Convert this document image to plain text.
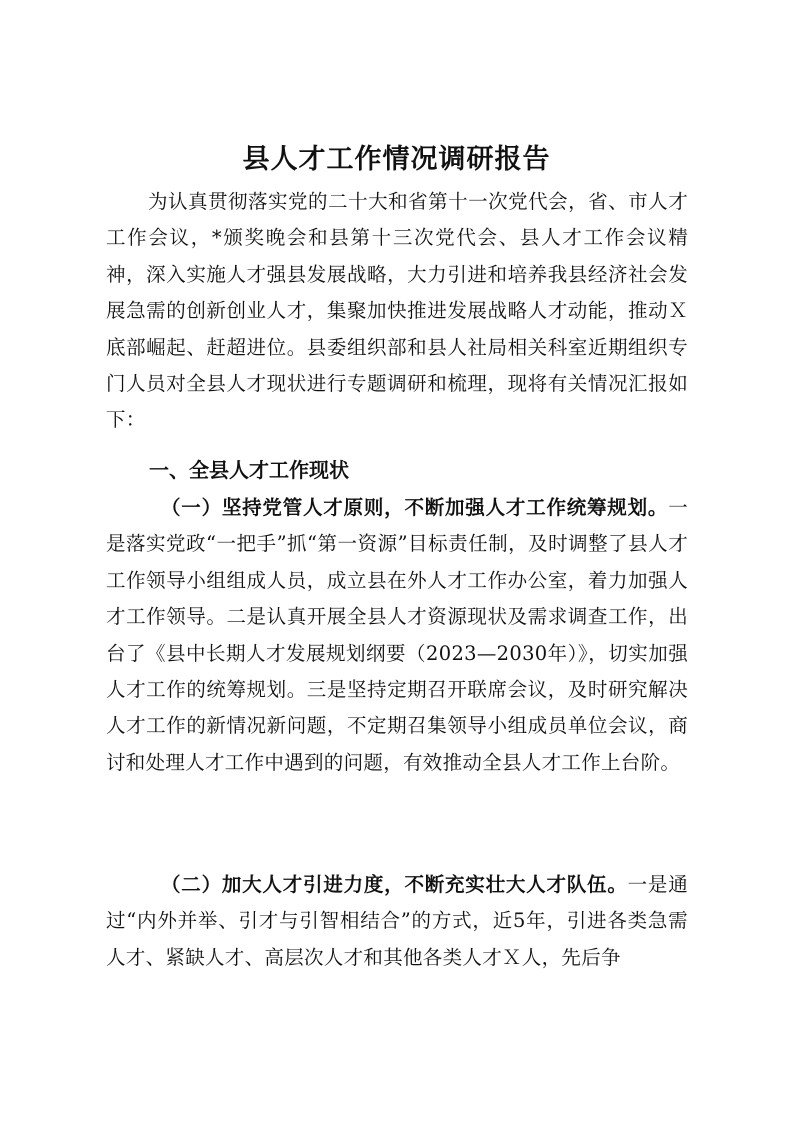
县人才工作情况调研报告
为认真贯彻落实党的二十大和省第十一次党代会，省、市人才工作会议，*颁奖晚会和县第十三次党代会、县人才工作会议精神，深入实施人才强县发展战略，大力引进和培养我县经济社会发展急需的创新创业人才，集聚加快推进发展战略人才动能，推动Ｘ底部崛起、赶超进位。县委组织部和县人社局相关科室近期组织专门人员对全县人才现状进行专题调研和梳理，现将有关情况汇报如下：
一、全县人才工作现状
（一）坚持党管人才原则，不断加强人才工作统筹规划。一是落实党政“一把手”抓“第一资源”目标责任制，及时调整了县人才工作领导小组组成人员，成立县在外人才工作办公室，着力加强人才工作领导。二是认真开展全县人才资源现状及需求调查工作，出台了《县中长期人才发展规划纲要（2023—2030年）》，切实加强人才工作的统筹规划。三是坚持定期召开联席会议，及时研究解决人才工作的新情况新问题，不定期召集领导小组成员单位会议，商讨和处理人才工作中遇到的问题，有效推动全县人才工作上台阶。
（二）加大人才引进力度，不断充实壮大人才队伍。一是通过“内外并举、引才与引智相结合”的方式，近5年，引进各类急需人才、紧缺人才、高层次人才和其他各类人才Ｘ人，先后争
